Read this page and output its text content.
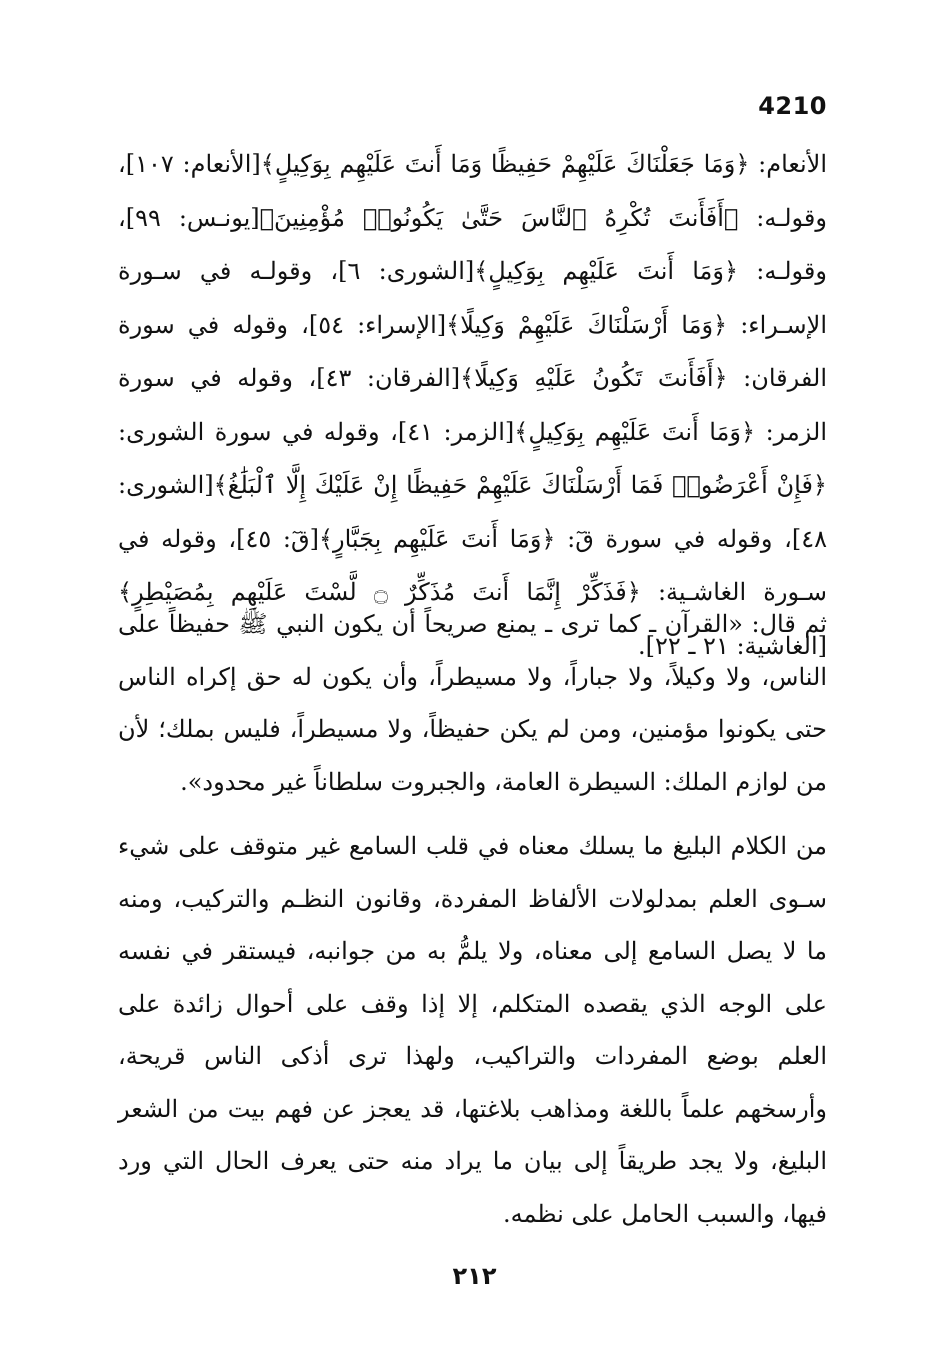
4210
الأنعام: ﴿وَمَا جَعَلْنَاكَ عَلَيْهِمْ حَفِيظًا وَمَا أَنتَ عَلَيْهِم بِوَكِيلٍ﴾[الأنعام: ١٠٧]، وقولـه: ﴿أَفَأَنتَ تُكْرِهُ ٱلنَّاسَ حَتَّىٰ يَكُونُوا۟ مُؤْمِنِينَ﴾[يونـس: ٩٩]، وقولـه: ﴿وَمَا أَنتَ عَلَيْهِم بِوَكِيلٍ﴾[الشورى: ٦]، وقولـه في سـورة الإسـراء: ﴿وَمَا أَرْسَلْنَاكَ عَلَيْهِمْ وَكِيلًا﴾[الإسراء: ٥٤]، وقوله في سورة الفرقان: ﴿أَفَأَنتَ تَكُونُ عَلَيْهِ وَكِيلًا﴾[الفرقان: ٤٣]، وقوله في سورة الزمر: ﴿وَمَا أَنتَ عَلَيْهِم بِوَكِيلٍ﴾[الزمر: ٤١]، وقوله في سورة الشورى: ﴿فَإِنْ أَعْرَضُوا۟ فَمَا أَرْسَلْنَاكَ عَلَيْهِمْ حَفِيظًا إِنْ عَلَيْكَ إِلَّا ٱلْبَلَٰغُ﴾[الشورى: ٤٨]، وقوله في سورة قٓ: ﴿وَمَا أَنتَ عَلَيْهِم بِجَبَّارٍ﴾[قٓ: ٤٥]، وقوله في سـورة الغاشـية: ﴿فَذَكِّرْ إِنَّمَا أَنتَ مُذَكِّرٌ ۝ لَّسْتَ عَلَيْهِم بِمُصَيْطِرٍ﴾[الغاشية: ٢١ ـ ٢٢].
ثم قال: «القرآن ـ كما ترى ـ يمنع صريحاً أن يكون النبي ﷺ حفيظاً على الناس، ولا وكيلاً، ولا جباراً، ولا مسيطراً، وأن يكون له حق إكراه الناس حتى يكونوا مؤمنين، ومن لم يكن حفيظاً، ولا مسيطراً، فليس بملك؛ لأن من لوازم الملك: السيطرة العامة، والجبروت سلطاناً غير محدود».
من الكلام البليغ ما يسلك معناه في قلب السامع غير متوقف على شيء سـوى العلم بمدلولات الألفاظ المفردة، وقانون النظـم والتركيب، ومنه ما لا يصل السامع إلى معناه، ولا يلمُّ به من جوانبه، فيستقر في نفسه على الوجه الذي يقصده المتكلم، إلا إذا وقف على أحوال زائدة على العلم بوضع المفردات والتراكيب، ولهذا ترى أذكى الناس قريحة، وأرسخهم علماً باللغة ومذاهب بلاغتها، قد يعجز عن فهم بيت من الشعر البليغ، ولا يجد طريقاً إلى بيان ما يراد منه حتى يعرف الحال التي ورد فيها، والسبب الحامل على نظمه.
٢١٢
